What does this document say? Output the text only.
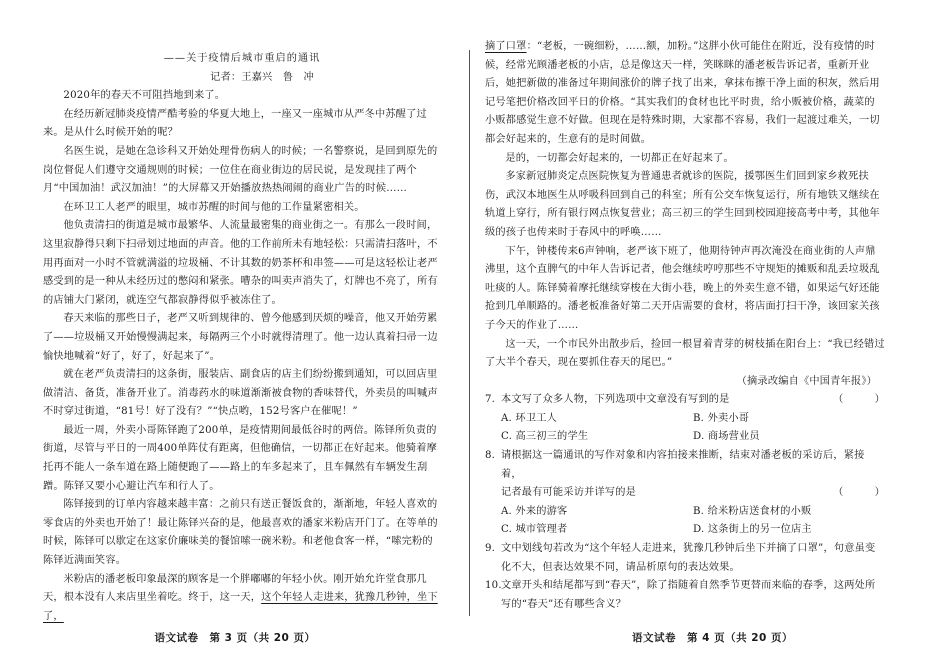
——关于疫情后城市重启的通讯

记者：王嘉兴　鲁　冲

2020年的春天不可阻挡地到来了。

在经历新冠肺炎疫情严酷考验的华夏大地上，一座又一座城市从严冬中苏醒了过来。是从什么时候开始的呢？

名医生说，是她在急诊科又开始处理骨伤病人的时候；一名警察说，是回到原先的岗位督促人们遵守交通规则的时候；一位住在商业街边的居民说，是发现挂了两个月“中国加油！武汉加油！”的大屏幕又开始播放热热闹闹的商业广告的时候……

在环卫工人老严的眼里，城市苏醒的时间与他的工作量紧密相关。

他负责清扫的街道是城市最繁华、人流量最密集的商业街之一。有那么一段时间，这里寂静得只剩下扫帚划过地面的声音。他的工作前所未有地轻松：只需清扫落叶，不用再面对一小时不管就满溢的垃圾桶、不计其数的奶茶杯和串签——可是这轻松让老严感受到的是一种从未经历过的憋闷和紧张。嘈杂的叫卖声消失了，灯牌也不亮了，所有的店铺大门紧闭，就连空气都寂静得似乎被冻住了。

春天来临的那些日子，老严又听到规律的、曾今他感到厌烦的噪音，他又开始劳累了——垃圾桶又开始慢慢满起来，每隔两三个小时就得清理了。他一边认真着扫帚一边愉快地喊着“好了，好了，好起来了”。

就在老严负责清扫的这条街，服装店、副食店的店主们纷纷搬到通知，可以回店里做清洁、备货，准备开业了。消毒药水的味道渐渐被食物的香味替代，外卖员的叫喊声不时穿过街道，“81号！好了没有？”“快点哟，152号客户在催呢！”

最近一周，外卖小哥陈铎跑了200单，是疫情期间最低谷时的两倍。陈铎所负责的街道，尽管与平日的一周400单阵仗有距离，但他确信，一切都正在好起来。他骑着摩托再不能人一条车道在路上随便跑了——路上的车多起来了，且车佩然有车辆发生刮蹭。陈铎又要小心避让汽车和行人了。

陈铎接到的订单内容越来越丰富：之前只有送正餐饭食的，渐渐地，年轻人喜欢的零食店的外卖也开始了！最让陈铎兴奋的是，他最喜欢的潘家米粉店开门了。在等单的时候，陈铎可以歇定在这家价廉味美的餐馆嗦一碗米粉。和老他食客一样，“嗦完粉的陈铎近满面笑容。

米粉店的潘老板印象最深的顾客是一个胖嘟嘟的年轻小伙。刚开始允许堂食那几天，根本没有人来店里坐着吃。终于，这一天，这个年轻人走进来，犹豫几秒钟，坐下了，

语文试卷　第 3 页（共 20 页）

摘了口罩：“老板，一碗细粉，……额，加粉。”这胖小伙可能住在附近，没有疫情的时候，经常光顾潘老板的小店，总是像这天一样，笑眯眯的潘老板告诉记者，重新开业后，她把新做的准备过年期间涨价的牌子找了出来，拿抹布擦干净上面的积灰，然后用记号笔把价格改回平日的价格。“其实我们的食材也比平时贵，给小贩被价格，蔬菜的小贩都感觉生意不好做。但现在是特殊时期，大家都不容易，我们一起渡过难关，一切都会好起来的，生意有的是时间做。

是的，一切都会好起来的，一切都正在好起来了。

多家新冠肺炎定点医院恢复为普通患者就诊的医院，援鄂医生们回到家乡救死扶伤，武汉本地医生从呼吸科回到自己的科室；所有公交车恢复运行，所有地铁又继续在轨道上穿行，所有银行网点恢复营业；高三初三的学生回到校园迎接高考中考，其他年级的孩子也传来时于春风中的呼唤……

下午，钟楼传来6声钟响，老严该下班了，他期待钟声再次淹没在商业街的人声鼎沸里，这个直脾气的中年人告诉记者，他会继续哼哼那些不守规矩的摊贩和乱丢垃圾乱吐痰的人。陈铎骑着摩托继续穿梭在大街小巷，晚上的外卖生意不错，如果运气好还能抢到几单顺路的。潘老板准备好第二天开店需要的食材，将店面打扫干净，该回家关孩子今天的作业了……

这一天，一个市民外出散步后，捡回一根冒着青芽的树枝插在阳台上：“我已经错过了大半个春天，现在要抓住春天的尾巴。”

（摘录改编自《中国青年报》）

7. 本文写了众多人物，下列选项中文章没有写到的是	（　　　）

A. 环卫工人	B. 外卖小哥
C. 高三初三的学生	D. 商场营业员

8. 请根据这一篇通讯的写作对象和内容拍接来推断，结束对潘老板的采访后，紧接着，

记者最有可能采访并详写的是	（　　　）

A. 外来的游客	B. 给米粉店送食材的小贩
C. 城市管理者	D. 这条街上的另一位店主

9. 文中划线句若改为“这个年轻人走进来，犹豫几秒钟后坐下并摘了口罩”，句意虽变

化不大，但表达效果不同，请品析原句的表达效果。

10. 文章开头和结尾都写到“春天”，除了指随着自然季节更替而来临的春季，这两处所

写的“春天”还有哪些含义？

语文试卷　第 4 页（共 20 页）
